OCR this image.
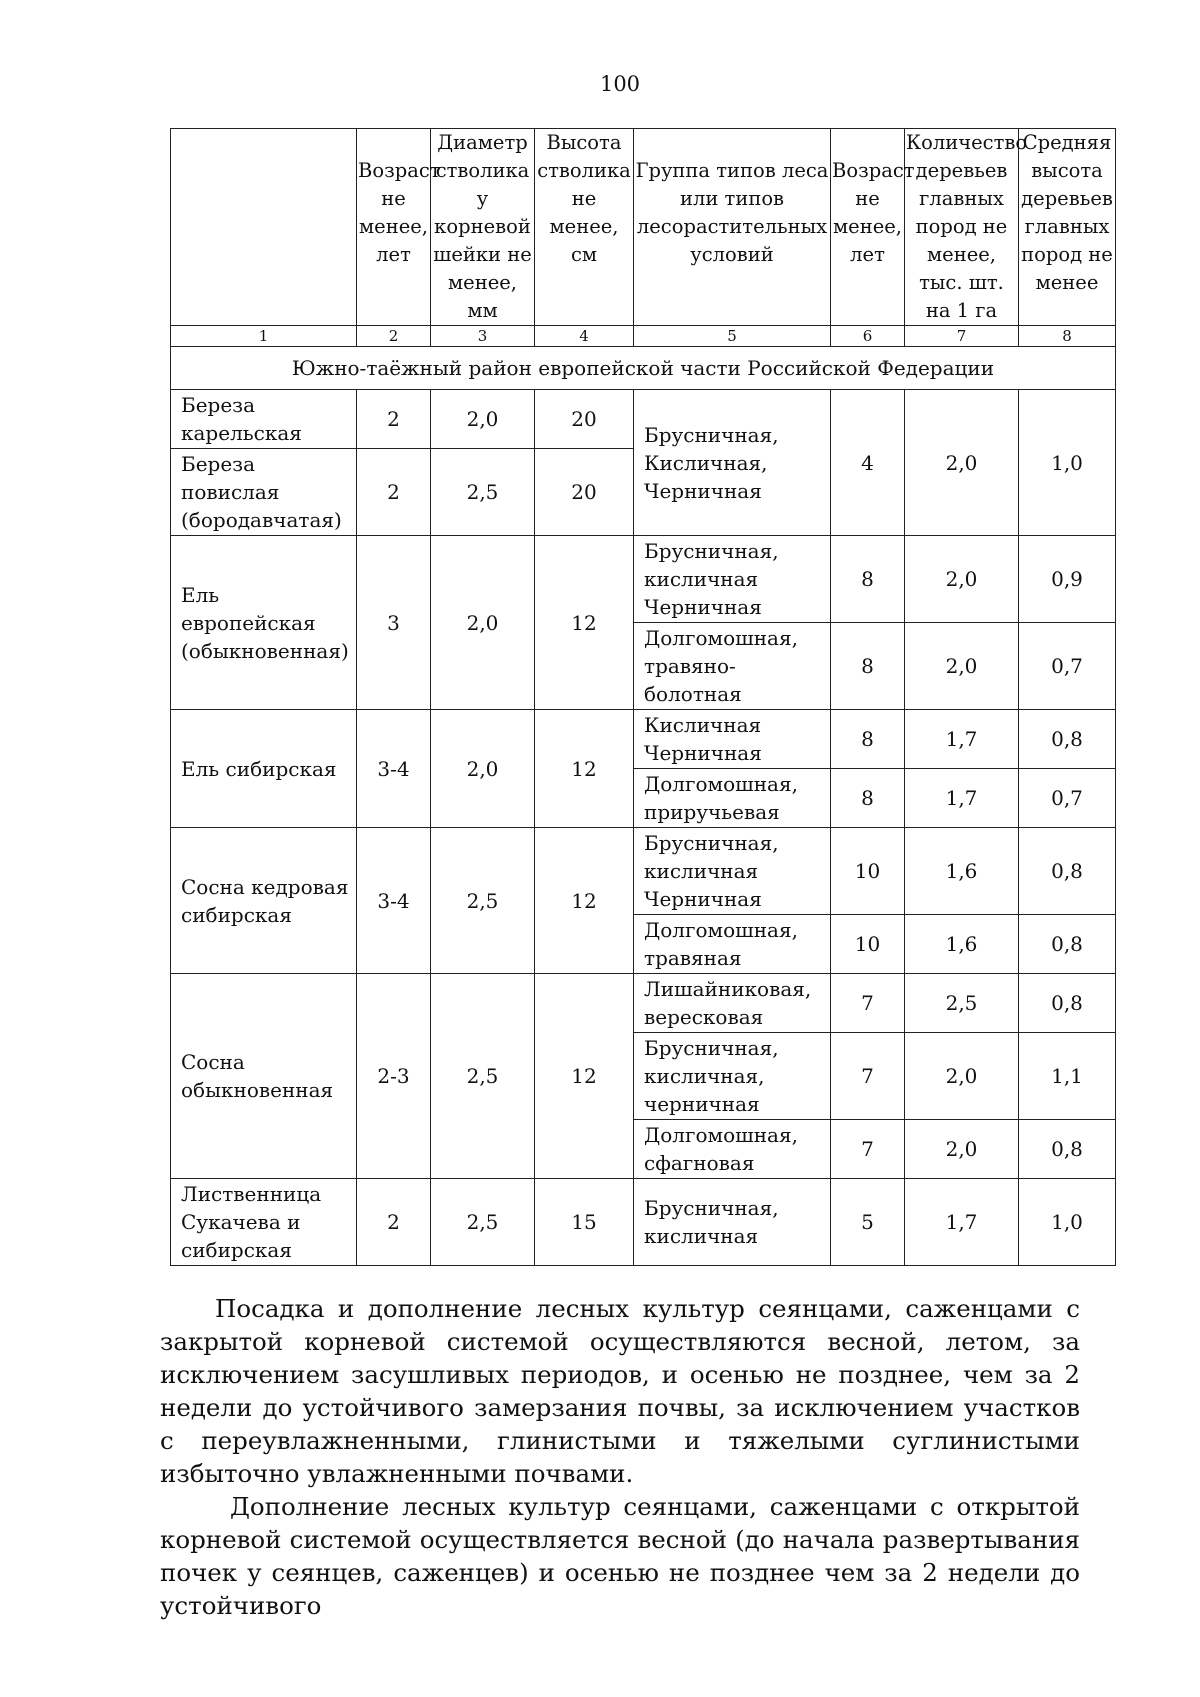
100
	Возраст не менее, лет	Диаметр стволика у корневой шейки не менее, мм	Высота стволика не менее, см	Группа типов леса или типов лесорастительных условий	Возраст не менее, лет	Количество деревьев главных пород не менее, тыс. шт. на 1 га	Средняя высота деревьев главных пород не менее
1	2	3	4	5	6	7	8
Южно-таёжный район европейской части Российской Федерации							
Береза карельская	2	2,0	20	Брусничная, Кисличная, Черничная	4	2,0	1,0
Береза повислая (бородавчатая)	2	2,5	20				
Ель европейская (обыкновенная)	3	2,0	12	Брусничная, кисличная Черничная	8	2,0	0,9
				Долгомошная, травяно-болотная	8	2,0	0,7
Ель сибирская	3-4	2,0	12	Кисличная Черничная	8	1,7	0,8
				Долгомошная, приручьевая	8	1,7	0,7
Сосна кедровая сибирская	3-4	2,5	12	Брусничная, кисличная Черничная	10	1,6	0,8
				Долгомошная, травяная	10	1,6	0,8
Сосна обыкновенная	2-3	2,5	12	Лишайниковая, вересковая	7	2,5	0,8
				Брусничная, кисличная, черничная	7	2,0	1,1
				Долгомошная, сфагновая	7	2,0	0,8
Лиственница Сукачева и сибирская	2	2,5	15	Брусничная, кисличная	5	1,7	1,0

Посадка и дополнение лесных культур сеянцами, саженцами с закрытой корневой системой осуществляются весной, летом, за исключением засушливых периодов, и осенью не позднее, чем за 2 недели до устойчивого замерзания почвы, за исключением участков с переувлажненными, глинистыми и тяжелыми суглинистыми избыточно увлажненными почвами.

Дополнение лесных культур сеянцами, саженцами с открытой корневой системой осуществляется весной (до начала развертывания почек у сеянцев, саженцев) и осенью не позднее чем за 2 недели до устойчивого
